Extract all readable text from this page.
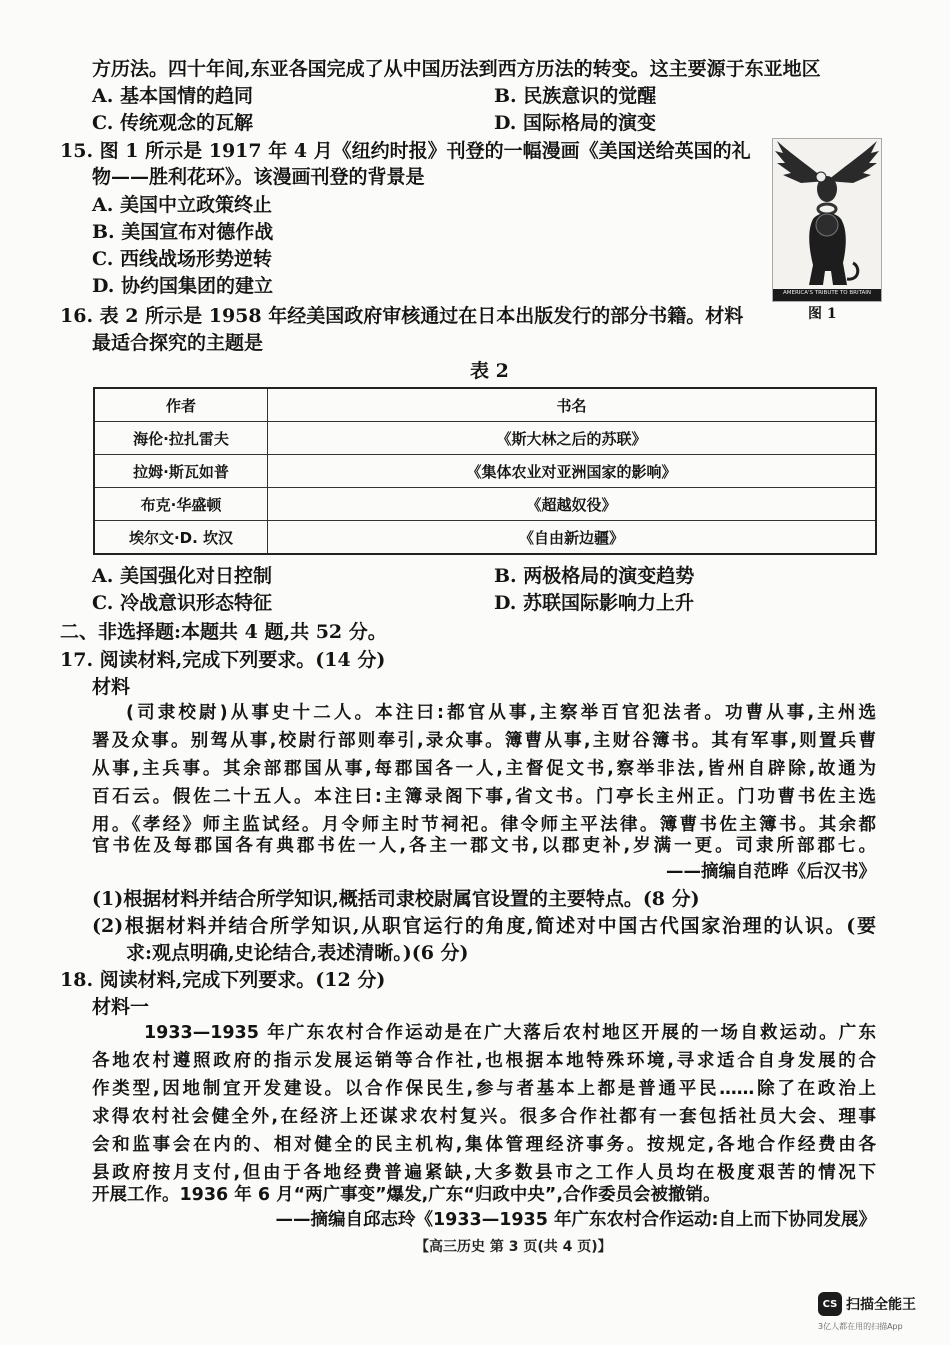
方历法。四十年间,东亚各国完成了从中国历法到西方历法的转变。这主要源于东亚地区
A. 基本国情的趋同	B. 民族意识的觉醒
C. 传统观念的瓦解	D. 国际格局的演变
15. 图 1 所示是 1917 年 4 月《纽约时报》刊登的一幅漫画《美国送给英国的礼
物——胜利花环》。该漫画刊登的背景是
A. 美国中立政策终止
B. 美国宣布对德作战
C. 西线战场形势逆转
D. 协约国集团的建立	AMERICA'S TRIBUTE TO BRITAIN
图 1
16. 表 2 所示是 1958 年经美国政府审核通过在日本出版发行的部分书籍。材料
最适合探究的主题是
表 2
作者	书名
海伦·拉扎雷夫	《斯大林之后的苏联》
拉姆·斯瓦如普	《集体农业对亚洲国家的影响》
布克·华盛顿	《超越奴役》
埃尔文·D. 坎汉	《自由新边疆》
A. 美国强化对日控制	B. 两极格局的演变趋势
C. 冷战意识形态特征	D. 苏联国际影响力上升
二、非选择题:本题共 4 题,共 52 分。
17. 阅读材料,完成下列要求。(14 分)
材料
(司隶校尉)从事史十二人。本注曰:都官从事,主察举百官犯法者。功曹从事,主州选
署及众事。别驾从事,校尉行部则奉引,录众事。簿曹从事,主财谷簿书。其有军事,则置兵曹
从事,主兵事。其余部郡国从事,每郡国各一人,主督促文书,察举非法,皆州自辟除,故通为
百石云。假佐二十五人。本注曰:主簿录阁下事,省文书。门亭长主州正。门功曹书佐主选
用。《孝经》师主监试经。月令师主时节祠祀。律令师主平法律。簿曹书佐主簿书。其余都
官书佐及每郡国各有典郡书佐一人,各主一郡文书,以郡吏补,岁满一更。司隶所部郡七。
——摘编自范晔《后汉书》
(1)根据材料并结合所学知识,概括司隶校尉属官设置的主要特点。(8 分)
(2)根据材料并结合所学知识,从职官运行的角度,简述对中国古代国家治理的认识。(要
求:观点明确,史论结合,表述清晰。)(6 分)
18. 阅读材料,完成下列要求。(12 分)
材料一
1933—1935 年广东农村合作运动是在广大落后农村地区开展的一场自救运动。广东
各地农村遵照政府的指示发展运销等合作社,也根据本地特殊环境,寻求适合自身发展的合
作类型,因地制宜开发建设。以合作保民生,参与者基本上都是普通平民……除了在政治上
求得农村社会健全外,在经济上还谋求农村复兴。很多合作社都有一套包括社员大会、理事
会和监事会在内的、相对健全的民主机构,集体管理经济事务。按规定,各地合作经费由各
县政府按月支付,但由于各地经费普遍紧缺,大多数县市之工作人员均在极度艰苦的情况下
开展工作。1936 年 6 月“两广事变”爆发,广东“归政中央”,合作委员会被撤销。
——摘编自邱志玲《1933—1935 年广东农村合作运动:自上而下协同发展》
【高三历史 第 3 页(共 4 页)】
CS 扫描全能王
3亿人都在用的扫描App
